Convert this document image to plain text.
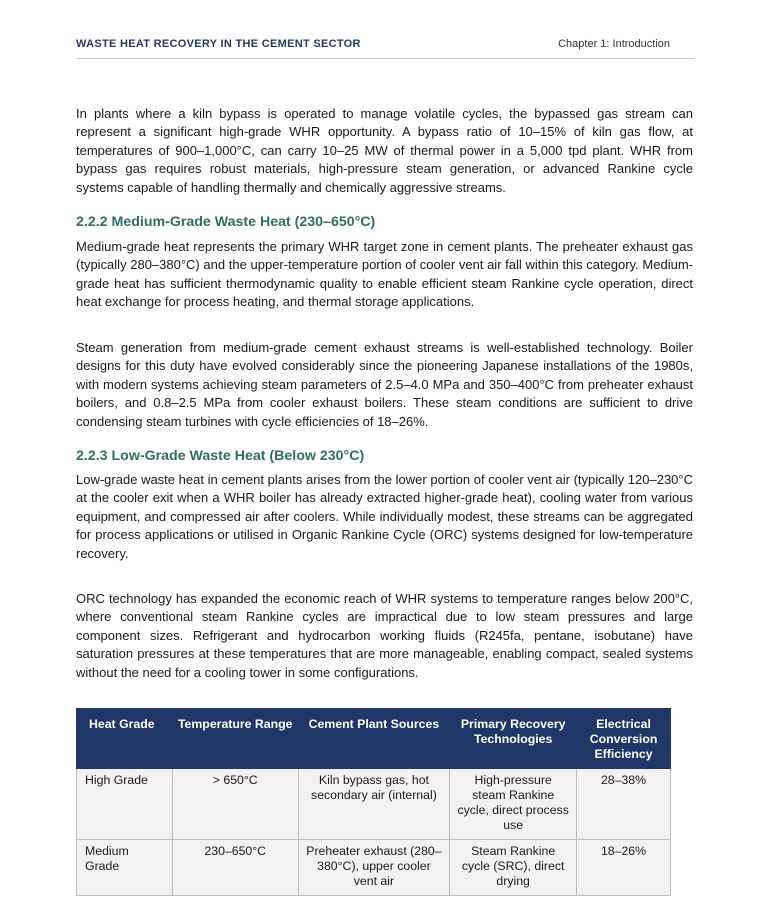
WASTE HEAT RECOVERY IN THE CEMENT SECTOR	Chapter 1: Introduction

In plants where a kiln bypass is operated to manage volatile cycles, the bypassed gas stream can represent a significant high-grade WHR opportunity. A bypass ratio of 10–15% of kiln gas flow, at temperatures of 900–1,000°C, can carry 10–25 MW of thermal power in a 5,000 tpd plant. WHR from bypass gas requires robust materials, high-pressure steam generation, or advanced Rankine cycle systems capable of handling thermally and chemically aggressive streams.

2.2.2 Medium-Grade Waste Heat (230–650°C)

Medium-grade heat represents the primary WHR target zone in cement plants. The preheater exhaust gas (typically 280–380°C) and the upper-temperature portion of cooler vent air fall within this category. Medium-grade heat has sufficient thermodynamic quality to enable efficient steam Rankine cycle operation, direct heat exchange for process heating, and thermal storage applications.

Steam generation from medium-grade cement exhaust streams is well-established technology. Boiler designs for this duty have evolved considerably since the pioneering Japanese installations of the 1980s, with modern systems achieving steam parameters of 2.5–4.0 MPa and 350–400°C from preheater exhaust boilers, and 0.8–2.5 MPa from cooler exhaust boilers. These steam conditions are sufficient to drive condensing steam turbines with cycle efficiencies of 18–26%.

2.2.3 Low-Grade Waste Heat (Below 230°C)

Low-grade waste heat in cement plants arises from the lower portion of cooler vent air (typically 120–230°C at the cooler exit when a WHR boiler has already extracted higher-grade heat), cooling water from various equipment, and compressed air after coolers. While individually modest, these streams can be aggregated for process applications or utilised in Organic Rankine Cycle (ORC) systems designed for low-temperature recovery.

ORC technology has expanded the economic reach of WHR systems to temperature ranges below 200°C, where conventional steam Rankine cycles are impractical due to low steam pressures and large component sizes. Refrigerant and hydrocarbon working fluids (R245fa, pentane, isobutane) have saturation pressures at these temperatures that are more manageable, enabling compact, sealed systems without the need for a cooling tower in some configurations.

Heat Grade	Temperature Range	Cement Plant Sources	Primary Recovery Technologies	Electrical Conversion Efficiency
High Grade	> 650°C	Kiln bypass gas, hot secondary air (internal)	High-pressure steam Rankine cycle, direct process use	28–38%
Medium Grade	230–650°C	Preheater exhaust (280–380°C), upper cooler vent air	Steam Rankine cycle (SRC), direct drying	18–26%
